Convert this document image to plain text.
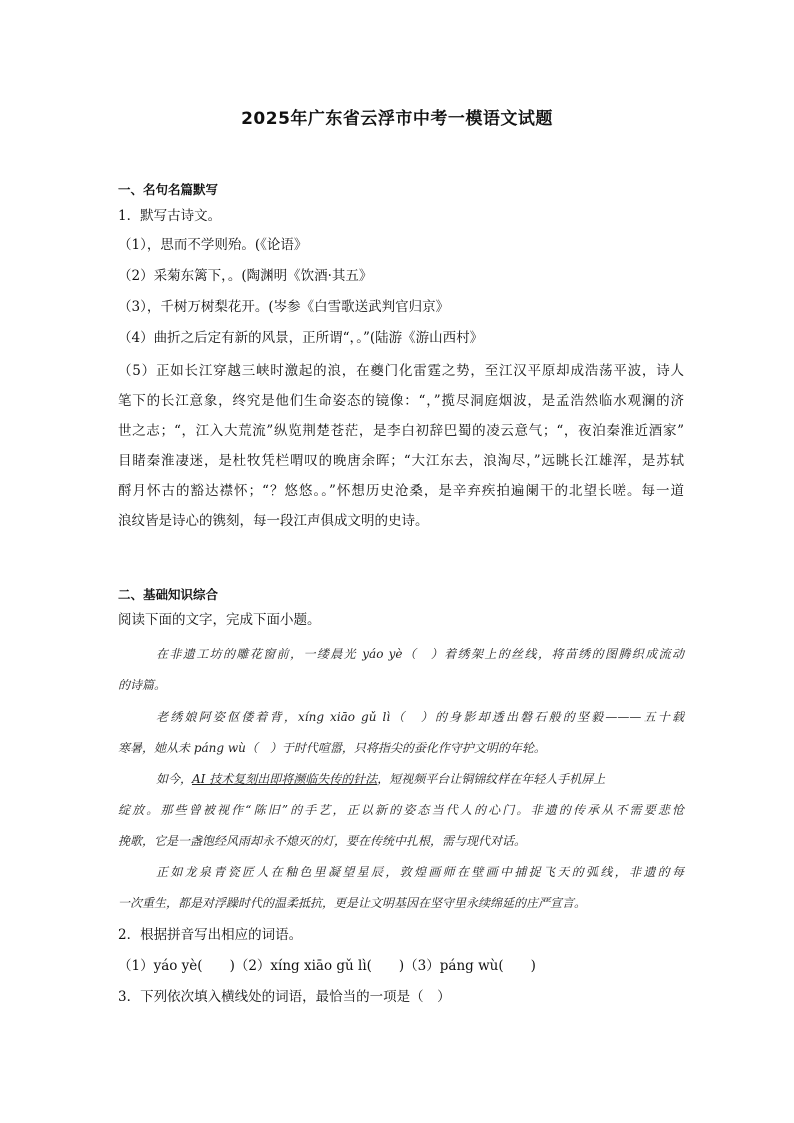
2025年广东省云浮市中考一模语文试题
一、名句名篇默写
1．默写古诗文。
（1），思而不学则殆。(《论语》
（2）采菊东篱下，。(陶渊明《饮酒·其五》
（3），千树万树梨花开。(岑参《白雪歌送武判官归京》
（4）曲折之后定有新的风景，正所谓“，。”(陆游《游山西村》
（5）正如长江穿越三峡时激起的浪，在夔门化雷霆之势，至江汉平原却成浩荡平波，诗人
笔下的长江意象，终究是他们生命姿态的镜像：“，”揽尽洞庭烟波，是孟浩然临水观澜的济
世之志；“，江入大荒流”纵览荆楚苍茫，是李白初辞巴蜀的凌云意气；“，夜泊秦淮近酒家”
目睹秦淮凄迷，是杜牧凭栏喟叹的晚唐余晖；“大江东去，浪淘尽，”远眺长江雄浑，是苏轼
酹月怀古的豁达襟怀；“？悠悠。。”怀想历史沧桑，是辛弃疾拍遍阑干的北望长嗟。每一道
浪纹皆是诗心的镌刻，每一段江声俱成文明的史诗。
二、基础知识综合
阅读下面的文字，完成下面小题。
在非遗工坊的雕花窗前，一缕晨光 yáo yè（　）着绣架上的丝线，将苗绣的图腾织成流动
的诗篇。
老绣娘阿姿伛偻着背，xíng xiāo gǔ lì（　）的身影却透出磐石般的坚毅———五十载
寒暑，她从未 páng wù（　）于时代喧嚣，只将指尖的蚕化作守护文明的年轮。
如今，AI 技术复刻出即将濒临失传的针法，短视频平台让铜锦纹样在年轻人手机屏上
绽放。那些曾被视作“陈旧”的手艺，正以新的姿态当代人的心门。非遗的传承从不需要悲怆
挽歌，它是一盏饱经风雨却永不熄灭的灯，要在传统中扎根，需与现代对话。
正如龙泉青瓷匠人在釉色里凝望星辰，敦煌画师在壁画中捕捉飞天的弧线，非遗的每
一次重生，都是对浮躁时代的温柔抵抗，更是让文明基因在坚守里永续绵延的庄严宣言。
2．根据拼音写出相应的词语。
（1）yáo yè(　　)（2）xíng xiāo gǔ lì(　　)（3）páng wù(　　)
3．下列依次填入横线处的词语，最恰当的一项是（　）
